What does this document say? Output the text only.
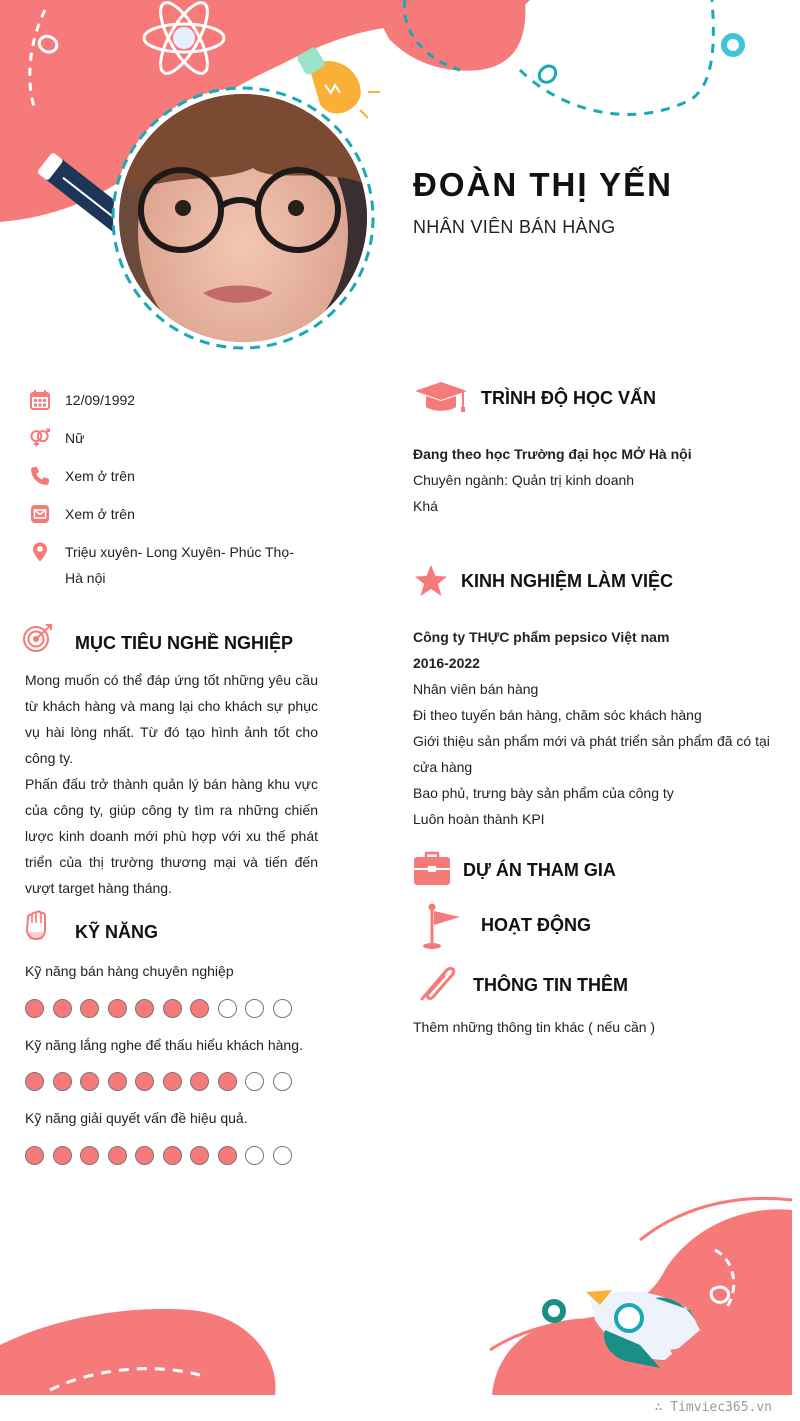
ĐOÀN THỊ YẾN
NHÂN VIÊN BÁN HÀNG
12/09/1992
Nữ
Xem ở trên
Xem ở trên
Triệu xuyên- Long Xuyên- Phúc Thọ- Hà nội
MỤC TIÊU NGHỀ NGHIỆP

Mong muốn có thể đáp ứng tốt những yêu cầu từ khách hàng và mang lại cho khách sự phục vụ hài lòng nhất. Từ đó tạo hình ảnh tốt cho công ty.

Phấn đấu trở thành quản lý bán hàng khu vực của công ty, giúp công ty tìm ra những chiến lược kinh doanh mới phù hợp với xu thế phát triển của thị trường thương mại và tiến đến vượt target hàng tháng.

KỸ NĂNG
Kỹ năng bán hàng chuyên nghiệp
Kỹ năng lắng nghe để thấu hiểu khách hàng.
Kỹ năng giải quyết vấn đề hiệu quả.
TRÌNH ĐỘ HỌC VẤN
Đang theo học Trường đại học MỞ Hà nội
Chuyên ngành: Quản trị kinh doanh
Khá
KINH NGHIỆM LÀM VIỆC
Công ty THỰC phẩm pepsico Việt nam
2016-2022
Nhân viên bán hàng
Đi theo tuyến bán hàng, chăm sóc khách hàng
Giới thiệu sản phẩm mới và phát triển sản phẩm đã có tại cửa hàng
Bao phủ, trưng bày sản phẩm của công ty
Luôn hoàn thành KPI
DỰ ÁN THAM GIA
HOẠT ĐỘNG
THÔNG TIN THÊM
Thêm những thông tin khác ( nếu cần )
∴ Timviec365.vn
